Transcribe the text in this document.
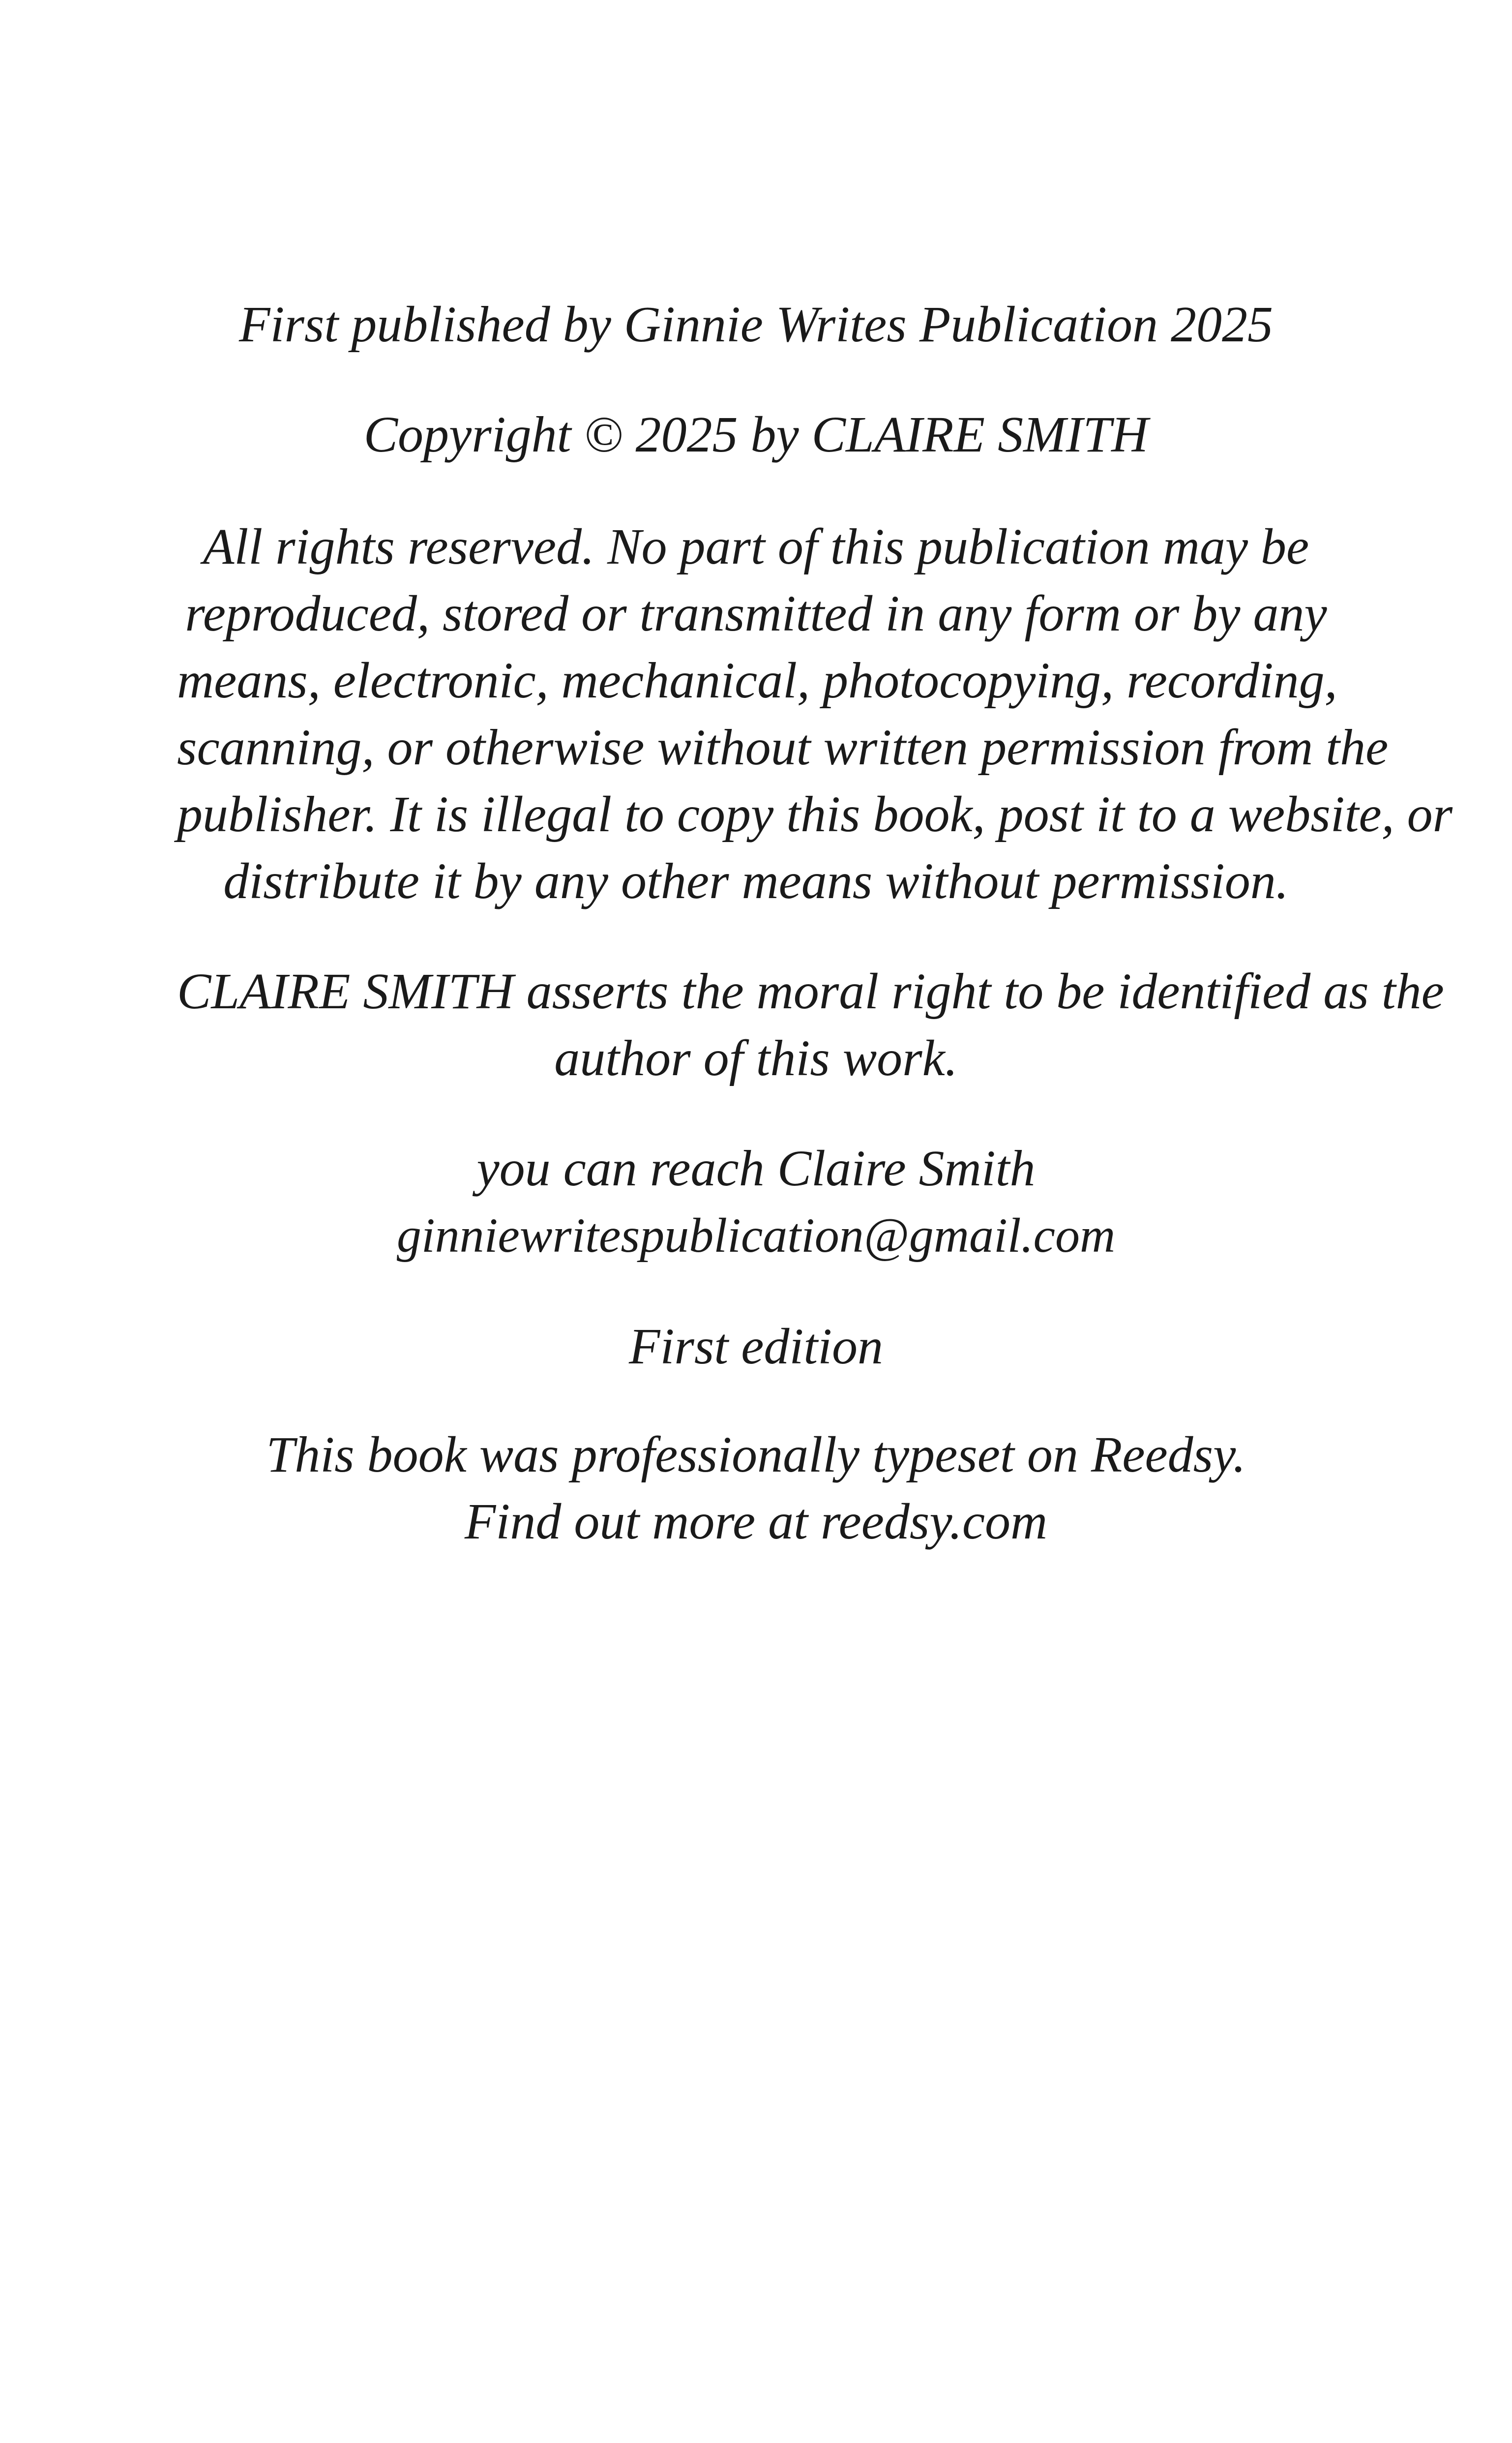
First published by Ginnie Writes Publication 2025
Copyright © 2025 by CLAIRE SMITH
All rights reserved. No part of this publication may be
reproduced, stored or transmitted in any form or by any
means, electronic, mechanical, photocopying, recording,
scanning, or otherwise without written permission from the
publisher. It is illegal to copy this book, post it to a website, or
distribute it by any other means without permission.
CLAIRE SMITH asserts the moral right to be identified as the
author of this work.
you can reach Claire Smith
ginniewritespublication@gmail.com
First edition
This book was professionally typeset on Reedsy.
Find out more at reedsy.com
